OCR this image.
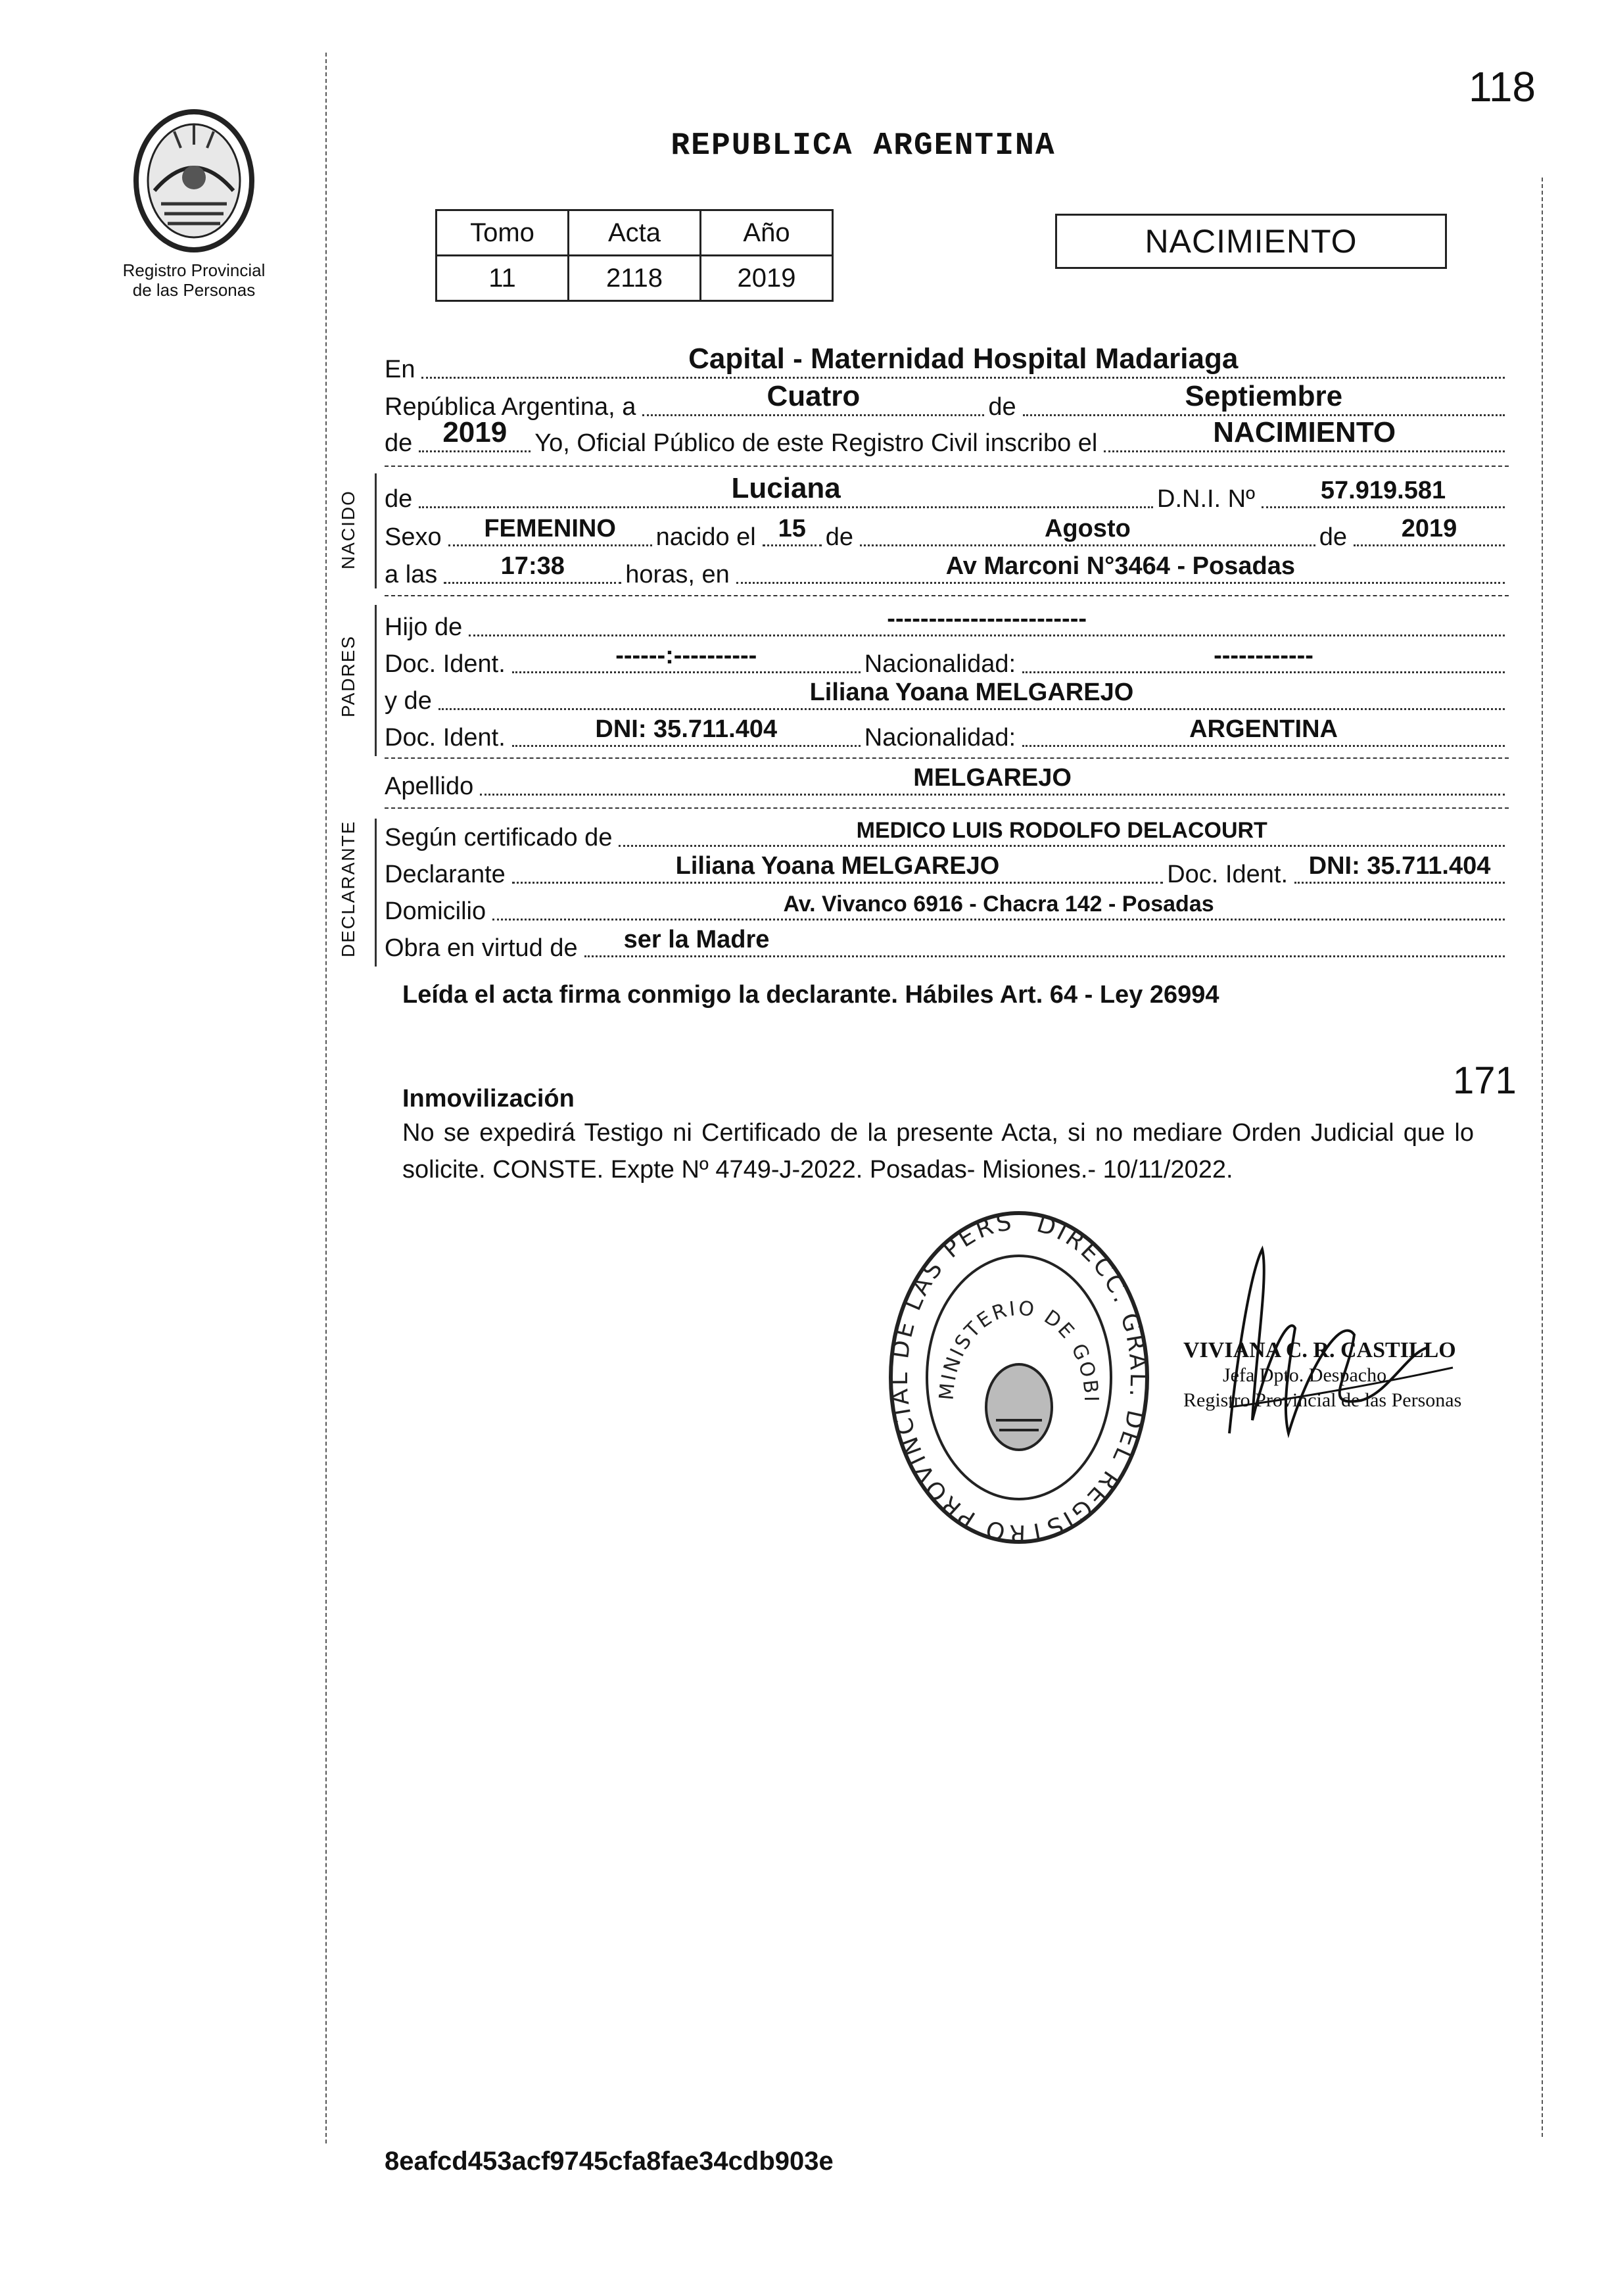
118
Registro Provincial
de las Personas
REPUBLICA ARGENTINA
Tomo	Acta	Año
11	2118	2019
NACIMIENTO
En	Capital - Maternidad Hospital Madariaga
República Argentina, a	Cuatro	de	Septiembre
de	2019	Yo, Oficial Público de este Registro Civil inscribo el	NACIMIENTO
NACIDO de	Luciana	D.N.I. Nº	57.919.581
Sexo	FEMENINO	nacido el 15 de	Agosto	de	2019
a las	17:38	horas, en	Av Marconi N°3464 - Posadas
PADRES
Hijo de	------------------------
Doc. Ident.	------:----------	Nacionalidad:	------------
y de	Liliana Yoana MELGAREJO
Doc. Ident.	DNI: 35.711.404	Nacionalidad:	ARGENTINA
Apellido	MELGAREJO
DECLARANTE Según certificado de	MEDICO LUIS RODOLFO DELACOURT
Declarante	Liliana Yoana MELGAREJO	Doc. Ident. DNI: 35.711.404
Domicilio	Av. Vivanco 6916 - Chacra 142 - Posadas
Obra en virtud de	ser la Madre
Leída el acta firma conmigo la declarante. Hábiles Art. 64 - Ley 26994
171
Inmovilización
No se expedirá Testigo ni Certificado de la presente Acta, si no mediare Orden Judicial que lo solicite. CONSTE. Expte Nº 4749-J-2022. Posadas- Misiones.- 10/11/2022.
DIRECC. GRAL. DEL REGISTRO PROVINCIAL DE LAS PERS
MINISTERIO DE GOBI
VIVIANA C. R. CASTILLO
Jefa Dpto. Despacho
Registro Provincial de las Personas
8eafcd453acf9745cfa8fae34cdb903e
